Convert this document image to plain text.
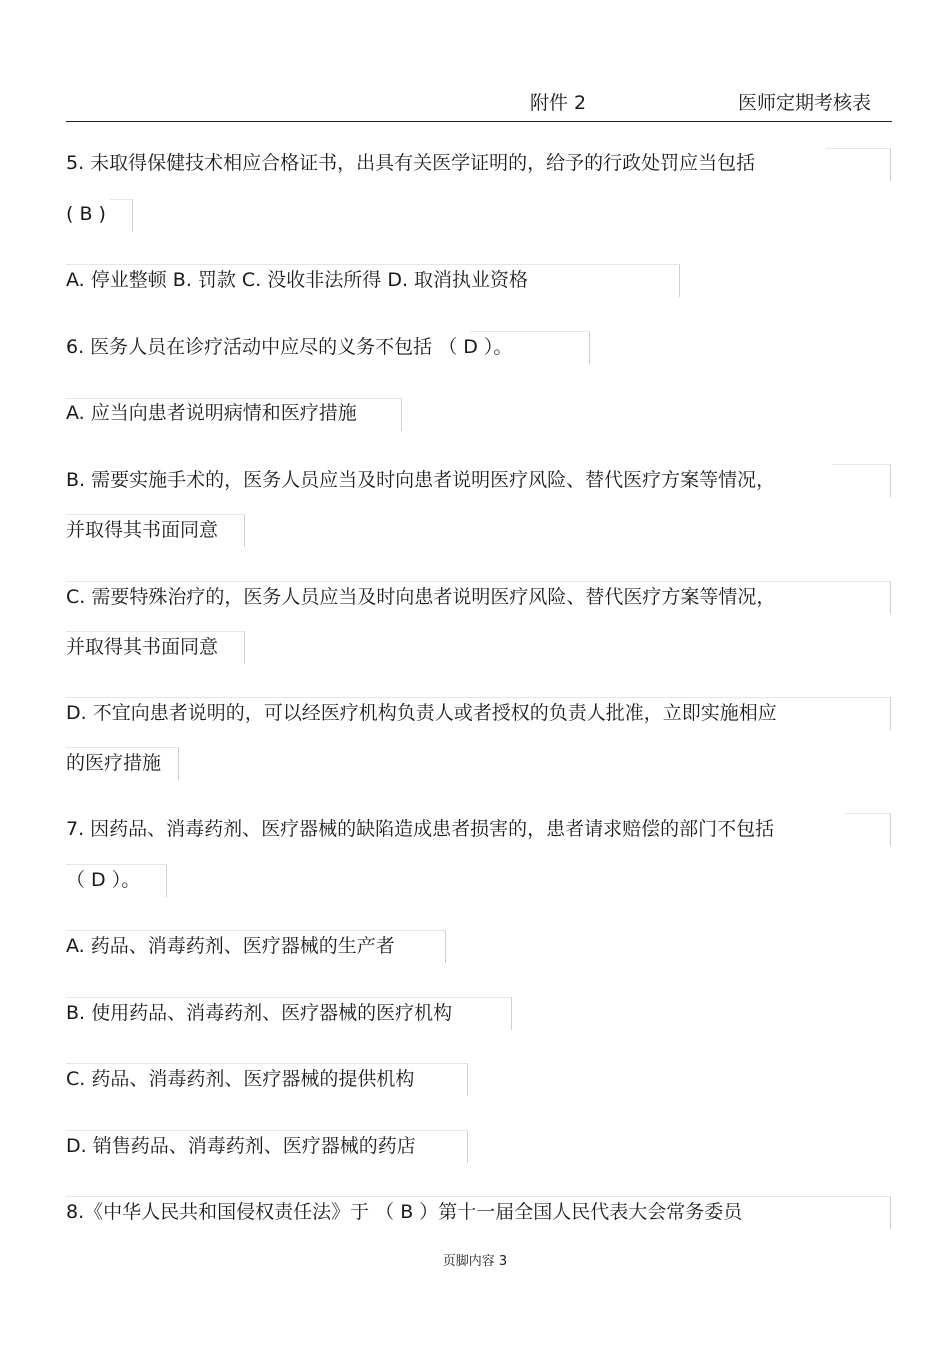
附件 2	医师定期考核表
5. 未取得保健技术相应合格证书，出具有关医学证明的，给予的行政处罚应当包括
( B )
A. 停业整顿 B. 罚款 C. 没收非法所得 D. 取消执业资格
6. 医务人员在诊疗活动中应尽的义务不包括 （ D ）。
A. 应当向患者说明病情和医疗措施
B. 需要实施手术的，医务人员应当及时向患者说明医疗风险、替代医疗方案等情况，
并取得其书面同意
C. 需要特殊治疗的，医务人员应当及时向患者说明医疗风险、替代医疗方案等情况，
并取得其书面同意
D. 不宜向患者说明的，可以经医疗机构负责人或者授权的负责人批准，立即实施相应
的医疗措施
7. 因药品、消毒药剂、医疗器械的缺陷造成患者损害的，患者请求赔偿的部门不包括
（ D ）。
A. 药品、消毒药剂、医疗器械的生产者
B. 使用药品、消毒药剂、医疗器械的医疗机构
C. 药品、消毒药剂、医疗器械的提供机构
D. 销售药品、消毒药剂、医疗器械的药店
8.《中华人民共和国侵权责任法》于 （ B ）第十一届全国人民代表大会常务委员
页脚内容 3
